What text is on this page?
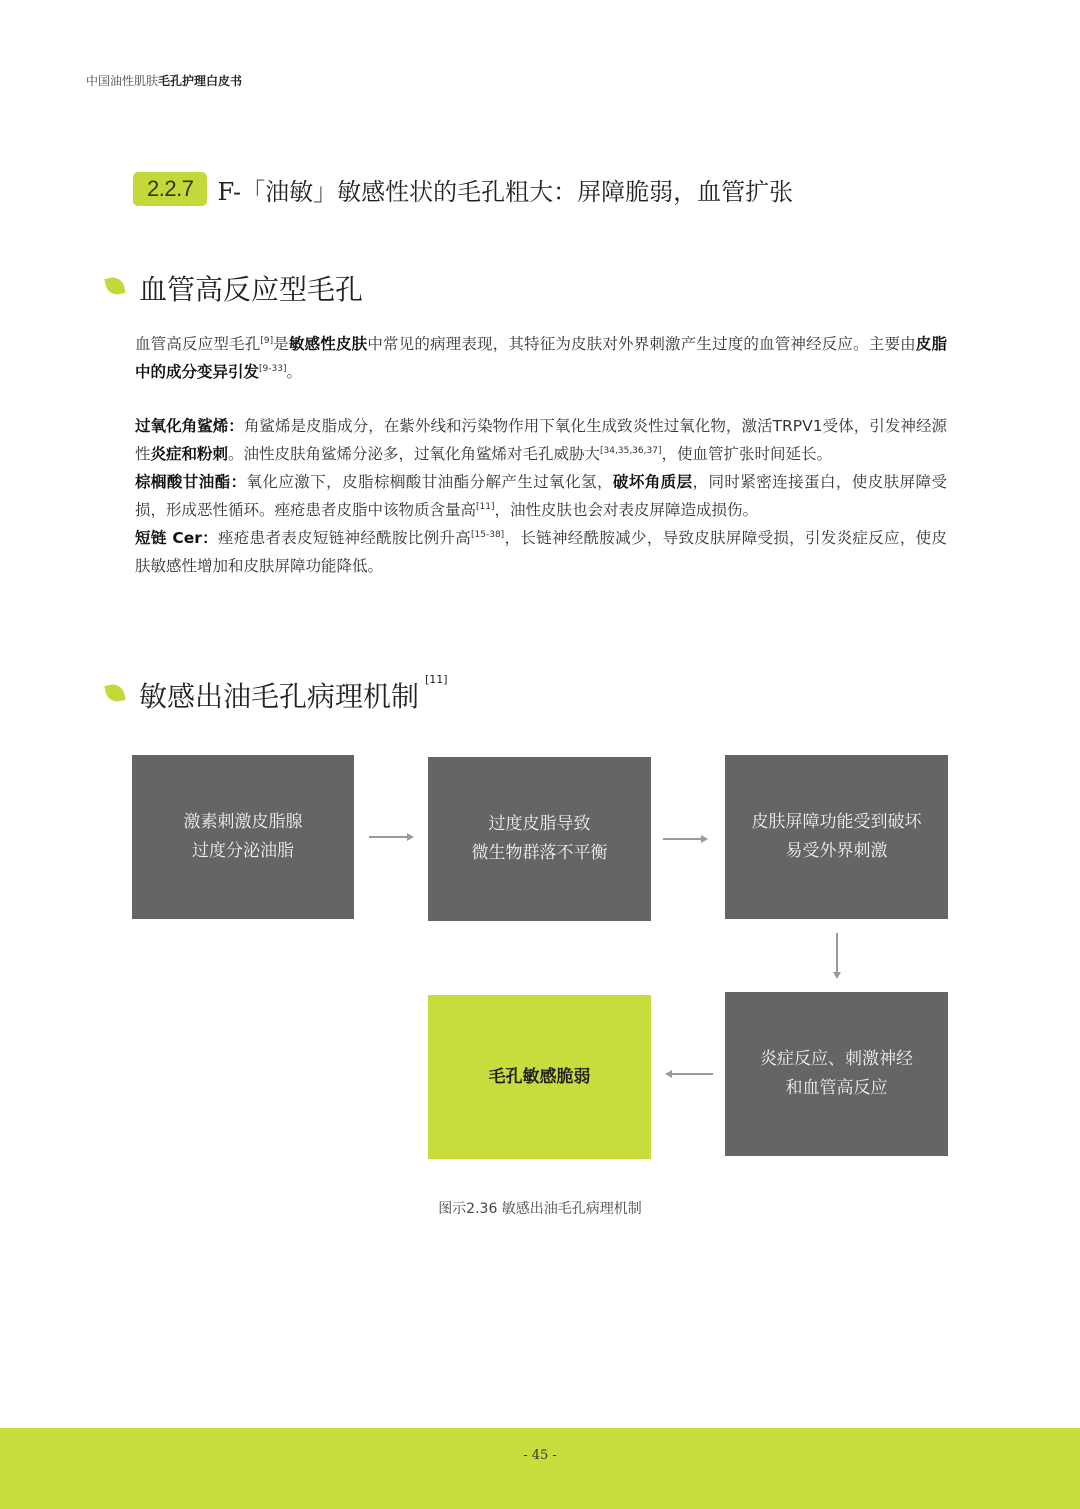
中国油性肌肤毛孔护理白皮书
2.2.7	F-「油敏」敏感性状的毛孔粗大：屏障脆弱，血管扩张
血管高反应型毛孔
血管高反应型毛孔[9]是敏感性皮肤中常见的病理表现，其特征为皮肤对外界刺激产生过度的血管神经反应。主要由皮脂中的成分变异引发[9-33]。
过氧化角鲨烯：角鲨烯是皮脂成分，在紫外线和污染物作用下氧化生成致炎性过氧化物，激活TRPV1受体，引发神经源性炎症和粉刺。油性皮肤角鲨烯分泌多，过氧化角鲨烯对毛孔威胁大[34,35,36,37]，使血管扩张时间延长。
棕榈酸甘油酯：氧化应激下，皮脂棕榈酸甘油酯分解产生过氧化氢，破坏角质层，同时紧密连接蛋白，使皮肤屏障受损，形成恶性循环。痤疮患者皮脂中该物质含量高[11]，油性皮肤也会对表皮屏障造成损伤。
短链 Cer：痤疮患者表皮短链神经酰胺比例升高[15-38]，长链神经酰胺减少，导致皮肤屏障受损，引发炎症反应，使皮肤敏感性增加和皮肤屏障功能降低。
敏感出油毛孔病理机制[11]
激素刺激皮脂腺
过度分泌油脂
过度皮脂导致
微生物群落不平衡
皮肤屏障功能受到破坏
易受外界刺激
炎症反应、刺激神经
和血管高反应
毛孔敏感脆弱
图示2.36 敏感出油毛孔病理机制
- 45 -
